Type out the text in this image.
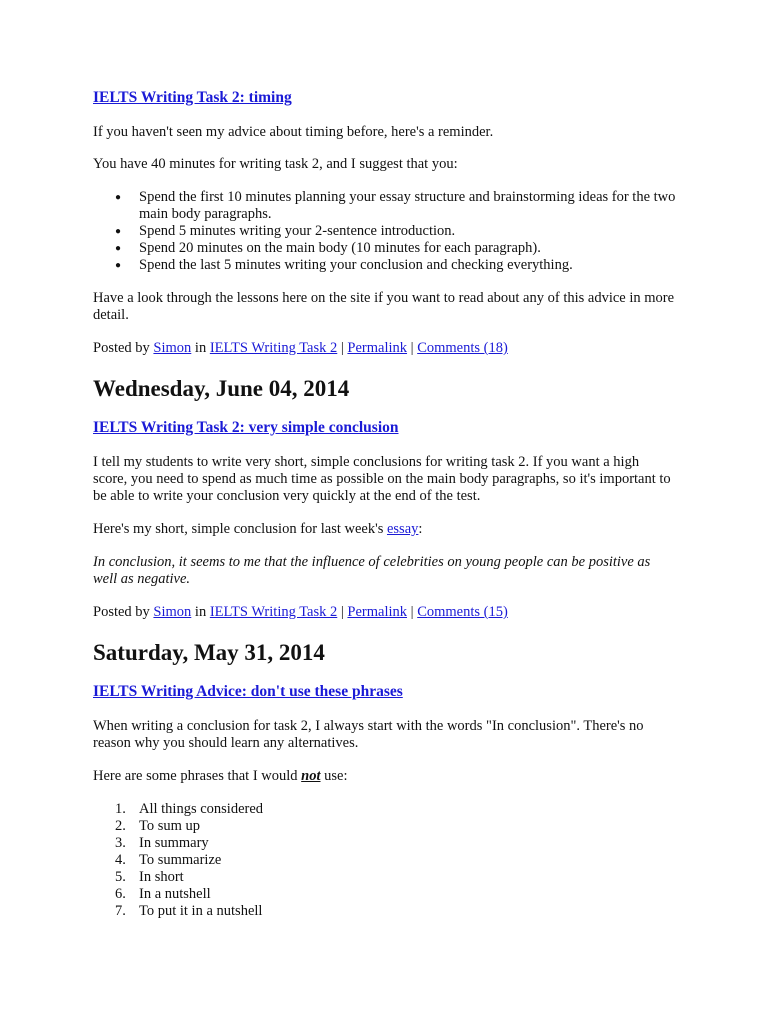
IELTS Writing Task 2: timing

If you haven't seen my advice about timing before, here's a reminder.

You have 40 minutes for writing task 2, and I suggest that you:

● Spend the first 10 minutes planning your essay structure and brainstorming ideas for the two main body paragraphs.
● Spend 5 minutes writing your 2-sentence introduction.
● Spend 20 minutes on the main body (10 minutes for each paragraph).
● Spend the last 5 minutes writing your conclusion and checking everything.

Have a look through the lessons here on the site if you want to read about any of this advice in more detail.

Posted by Simon in IELTS Writing Task 2 | Permalink | Comments (18)

Wednesday, June 04, 2014
IELTS Writing Task 2: very simple conclusion

I tell my students to write very short, simple conclusions for writing task 2. If you want a high score, you need to spend as much time as possible on the main body paragraphs, so it's important to be able to write your conclusion very quickly at the end of the test.

Here's my short, simple conclusion for last week's essay:

In conclusion, it seems to me that the influence of celebrities on young people can be positive as well as negative.

Posted by Simon in IELTS Writing Task 2 | Permalink | Comments (15)

Saturday, May 31, 2014
IELTS Writing Advice: don't use these phrases

When writing a conclusion for task 2, I always start with the words "In conclusion". There's no reason why you should learn any alternatives.

Here are some phrases that I would not use:

1. All things considered
2. To sum up
3. In summary
4. To summarize
5. In short
6. In a nutshell
7. To put it in a nutshell
